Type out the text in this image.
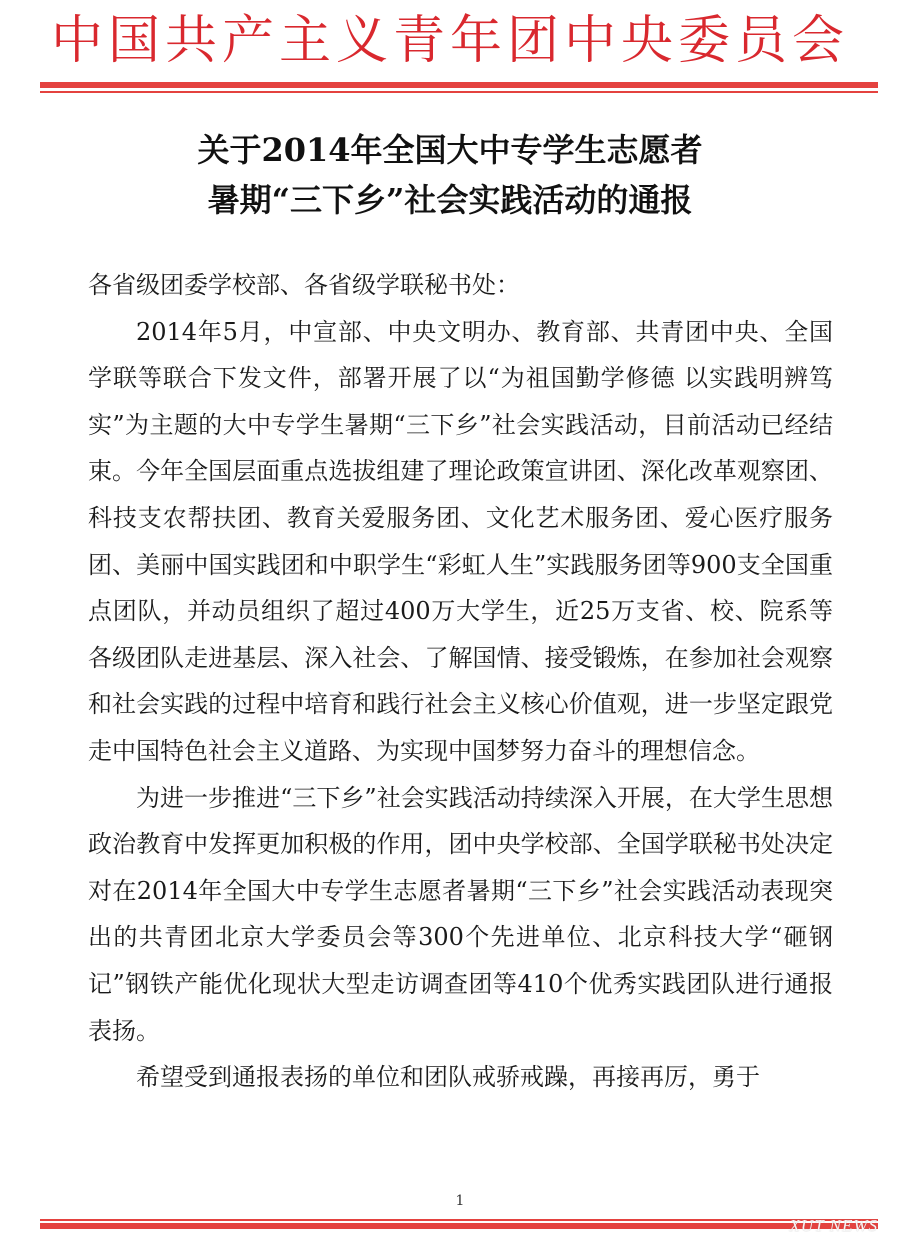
中国共产主义青年团中央委员会
关于2014年全国大中专学生志愿者
暑期“三下乡”社会实践活动的通报

各省级团委学校部、各省级学联秘书处：

2014年5月，中宣部、中央文明办、教育部、共青团中央、全国学联等联合下发文件，部署开展了以“为祖国勤学修德 以实践明辨笃实”为主题的大中专学生暑期“三下乡”社会实践活动，目前活动已经结束。今年全国层面重点选拔组建了理论政策宣讲团、深化改革观察团、科技支农帮扶团、教育关爱服务团、文化艺术服务团、爱心医疗服务团、美丽中国实践团和中职学生“彩虹人生”实践服务团等900支全国重点团队，并动员组织了超过400万大学生，近25万支省、校、院系等各级团队走进基层、深入社会、了解国情、接受锻炼，在参加社会观察和社会实践的过程中培育和践行社会主义核心价值观，进一步坚定跟党走中国特色社会主义道路、为实现中国梦努力奋斗的理想信念。

为进一步推进“三下乡”社会实践活动持续深入开展，在大学生思想政治教育中发挥更加积极的作用，团中央学校部、全国学联秘书处决定对在2014年全国大中专学生志愿者暑期“三下乡”社会实践活动表现突出的共青团北京大学委员会等300个先进单位、北京科技大学“砸钢记”钢铁产能优化现状大型走访调查团等410个优秀实践团队进行通报表扬。

希望受到通报表扬的单位和团队戒骄戒躁，再接再厉，勇于

1
XUT NEWS
